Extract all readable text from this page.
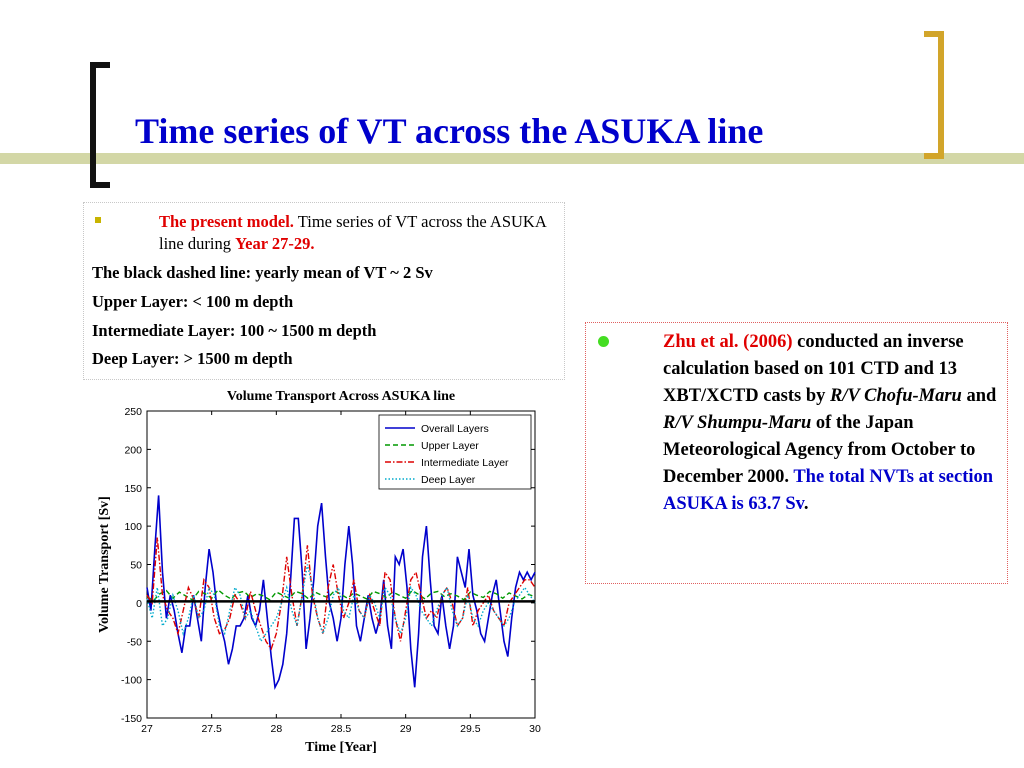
Time series of VT across the ASUKA line
The present model. Time series of VT across the ASUKA line during Year 27-29.
The black dashed line: yearly mean of VT ~ 2 Sv
Upper Layer: < 100 m depth
Intermediate Layer: 100 ~ 1500 m depth
Deep Layer: > 1500 m depth
Zhu et al. (2006) conducted an inverse calculation based on 101 CTD and 13 XBT/XCTD casts by R/V Chofu-Maru and R/V Shumpu-Maru of the Japan Meteorological Agency from October to December 2000. The total NVTs at section ASUKA is 63.7 Sv.
Volume Transport Across ASUKA line
27	27.5	28	28.5	29	29.5	30
-150
-100
-50
0
50
100
150
200
250
Time [Year]
Volume Transport [Sv]
Overall Layers
Upper Layer
Intermediate Layer
Deep Layer
